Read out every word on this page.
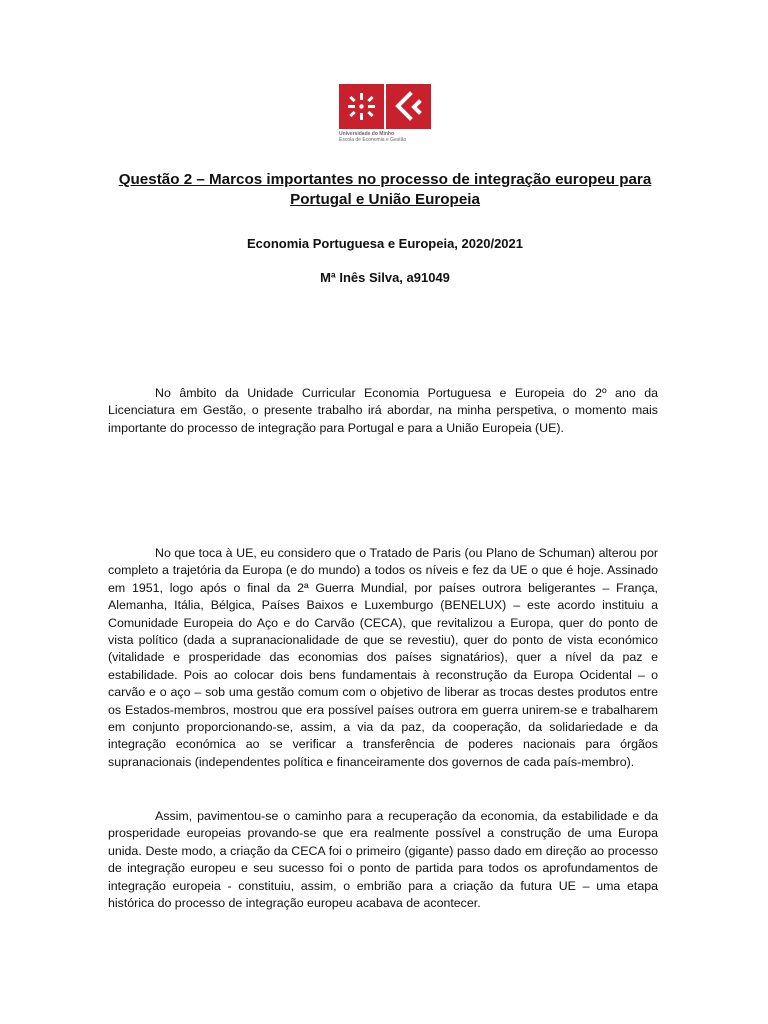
Universidade do Minho
Escola de Economia e Gestão
Questão 2 – Marcos importantes no processo de integração europeu para Portugal e União Europeia
Economia Portuguesa e Europeia, 2020/2021
Mª Inês Silva, a91049

No âmbito da Unidade Curricular Economia Portuguesa e Europeia do 2º ano da Licenciatura em Gestão, o presente trabalho irá abordar, na minha perspetiva, o momento mais importante do processo de integração para Portugal e para a União Europeia (UE).

No que toca à UE, eu considero que o Tratado de Paris (ou Plano de Schuman) alterou por completo a trajetória da Europa (e do mundo) a todos os níveis e fez da UE o que é hoje. Assinado em 1951, logo após o final da 2ª Guerra Mundial, por países outrora beligerantes – França, Alemanha, Itália, Bélgica, Países Baixos e Luxemburgo (BENELUX) – este acordo instituiu a Comunidade Europeia do Aço e do Carvão (CECA), que revitalizou a Europa, quer do ponto de vista político (dada a supranacionalidade de que se revestiu), quer do ponto de vista económico (vitalidade e prosperidade das economias dos países signatários), quer a nível da paz e estabilidade. Pois ao colocar dois bens fundamentais à reconstrução da Europa Ocidental – o carvão e o aço – sob uma gestão comum com o objetivo de liberar as trocas destes produtos entre os Estados-membros, mostrou que era possível países outrora em guerra unirem-se e trabalharem em conjunto proporcionando-se, assim, a via da paz, da cooperação, da solidariedade e da integração económica ao se verificar a transferência de poderes nacionais para órgãos supranacionais (independentes política e financeiramente dos governos de cada país-membro).

Assim, pavimentou-se o caminho para a recuperação da economia, da estabilidade e da prosperidade europeias provando-se que era realmente possível a construção de uma Europa unida. Deste modo, a criação da CECA foi o primeiro (gigante) passo dado em direção ao processo de integração europeu e seu sucesso foi o ponto de partida para todos os aprofundamentos de integração europeia - constituiu, assim, o embrião para a criação da futura UE – uma etapa histórica do processo de integração europeu acabava de acontecer.
